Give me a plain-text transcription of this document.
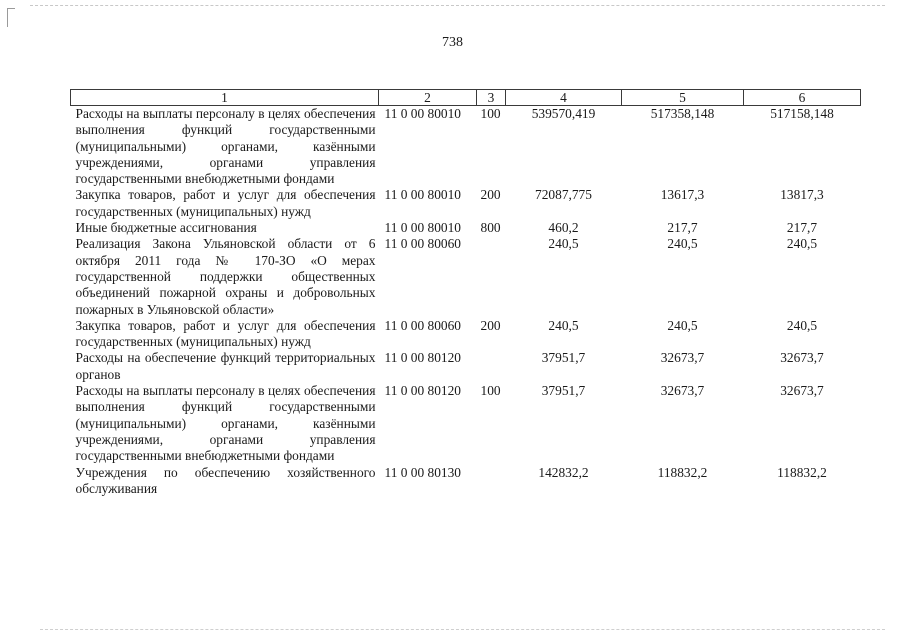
738
1	2	3	4	5	6
Расходы на выплаты персоналу в целях обеспечения выполнения функций государственными (муниципальными) органами, казёнными учреждениями, органами управления государственными внебюджетными фондами	11 0 00 80010	100	539570,419	517358,148	517158,148
Закупка товаров, работ и услуг для обеспечения государственных (муниципальных) нужд	11 0 00 80010	200	72087,775	13617,3	13817,3
Иные бюджетные ассигнования	11 0 00 80010	800	460,2	217,7	217,7
Реализация Закона Ульяновской области от 6 октября 2011 года № 170-ЗО «О мерах государственной поддержки общественных объединений пожарной охраны и добровольных пожарных в Ульяновской области»	11 0 00 80060		240,5	240,5	240,5
Закупка товаров, работ и услуг для обеспечения государственных (муниципальных) нужд	11 0 00 80060	200	240,5	240,5	240,5
Расходы на обеспечение функций территориальных органов	11 0 00 80120		37951,7	32673,7	32673,7
Расходы на выплаты персоналу в целях обеспечения выполнения функций государственными (муниципальными) органами, казёнными учреждениями, органами управления государственными внебюджетными фондами	11 0 00 80120	100	37951,7	32673,7	32673,7
Учреждения по обеспечению хозяйственного обслуживания	11 0 00 80130		142832,2	118832,2	118832,2
